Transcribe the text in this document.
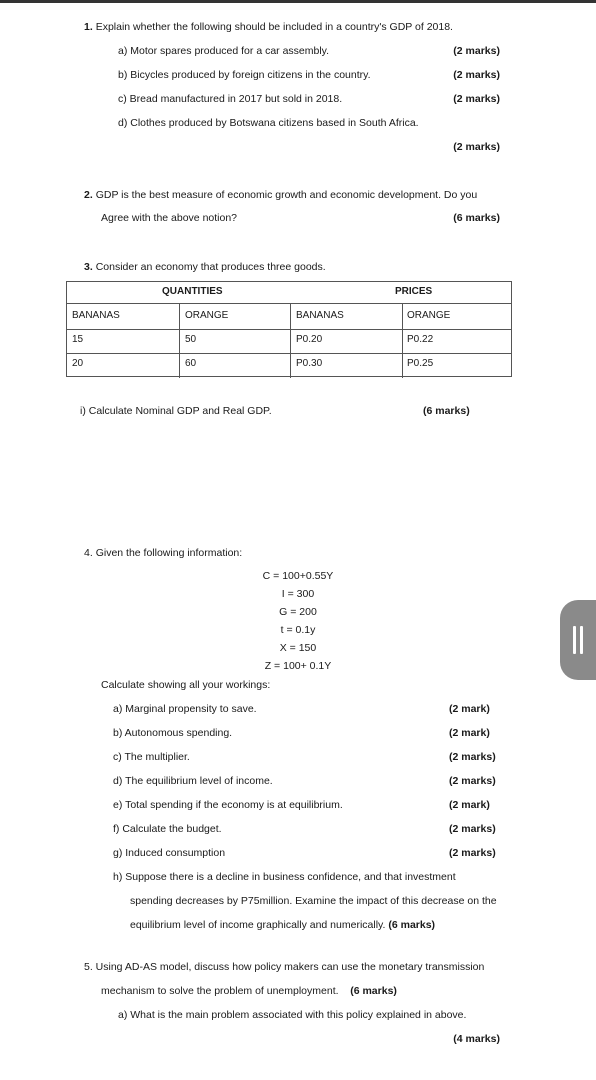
1. Explain whether the following should be included in a country's GDP of 2018.
a) Motor spares produced for a car assembly.	(2 marks)
b) Bicycles produced by foreign citizens in the country.	(2 marks)
c) Bread manufactured in 2017 but sold in 2018.	(2 marks)
d) Clothes produced by Botswana citizens based in South Africa.
(2 marks)
2. GDP is the best measure of economic growth and economic development. Do you
Agree with the above notion?	(6 marks)
3. Consider an economy that produces three goods.
QUANTITIES	PRICES
BANANAS	ORANGE	BANANAS	ORANGE
15	50	P0.20	P0.22
20	60	P0.30	P0.25
i) Calculate Nominal GDP and Real GDP.	(6 marks)
4. Given the following information:
C = 100+0.55Y
I = 300
G = 200
t = 0.1y
X = 150
Z = 100+ 0.1Y
Calculate showing all your workings:
a) Marginal propensity to save.	(2 mark)
b) Autonomous spending.	(2 mark)
c) The multiplier.	(2 marks)
d) The equilibrium level of income.	(2 marks)
e) Total spending if the economy is at equilibrium.	(2 mark)
f) Calculate the budget.	(2 marks)
g) Induced consumption	(2 marks)
h) Suppose there is a decline in business confidence, and that investment
spending decreases by P75million. Examine the impact of this decrease on the
equilibrium level of income graphically and numerically. (6 marks)
5. Using AD-AS model, discuss how policy makers can use the monetary transmission
mechanism to solve the problem of unemployment. (6 marks)
a) What is the main problem associated with this policy explained in above.
(4 marks)
